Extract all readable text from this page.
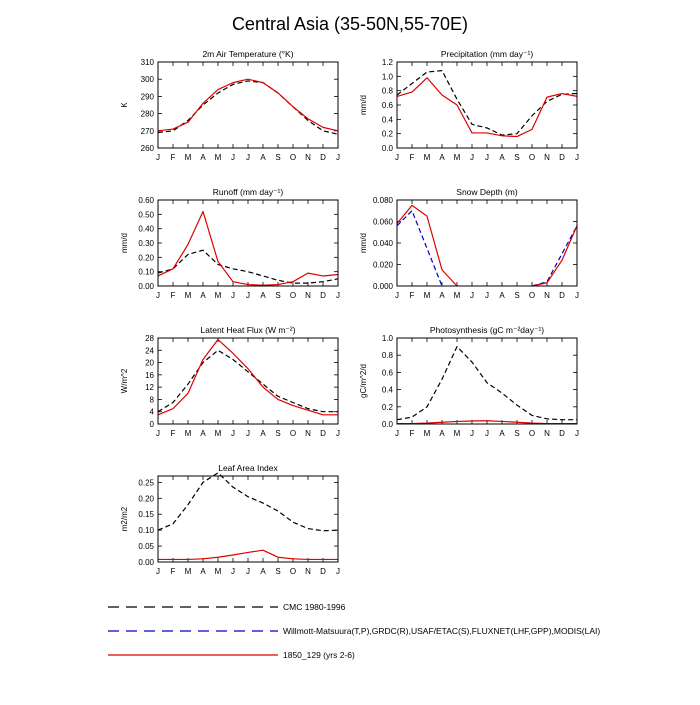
Central Asia (35-50N,55-70E)
2m Air Temperature (°K)
K
260
270
280
290
300
310
J F M A M J J A S O N D J
Precipitation (mm day⁻¹)
mm/d
0.0
0.2
0.4
0.6
0.8
1.0
1.2
J F M A M J J A S O N D J
Runoff (mm day⁻¹)
mm/d
0.00
0.10
0.20
0.30
0.40
0.50
0.60
J F M A M J J A S O N D J
Snow Depth (m)
mm/d
0.000
0.020
0.040
0.060
0.080
J F M A M J J A S O N D J
Latent Heat Flux (W m⁻²)
W/m^2
0
4
8
12
16
20
24
28
J F M A M J J A S O N D J
Photosynthesis (gC m⁻²day⁻¹)
gC/m^2/d
0.0
0.2
0.4
0.6
0.8
1.0
J F M A M J J A S O N D J
Leaf Area Index
m2/m2
0.00
0.05
0.10
0.15
0.20
0.25
J F M A M J J A S O N D J
CMC 1980-1996
Willmott-Matsuura(T,P),GRDC(R),USAF/ETAC(S),FLUXNET(LHF,GPP),MODIS(LAI)
1850_129 (yrs 2-6)
